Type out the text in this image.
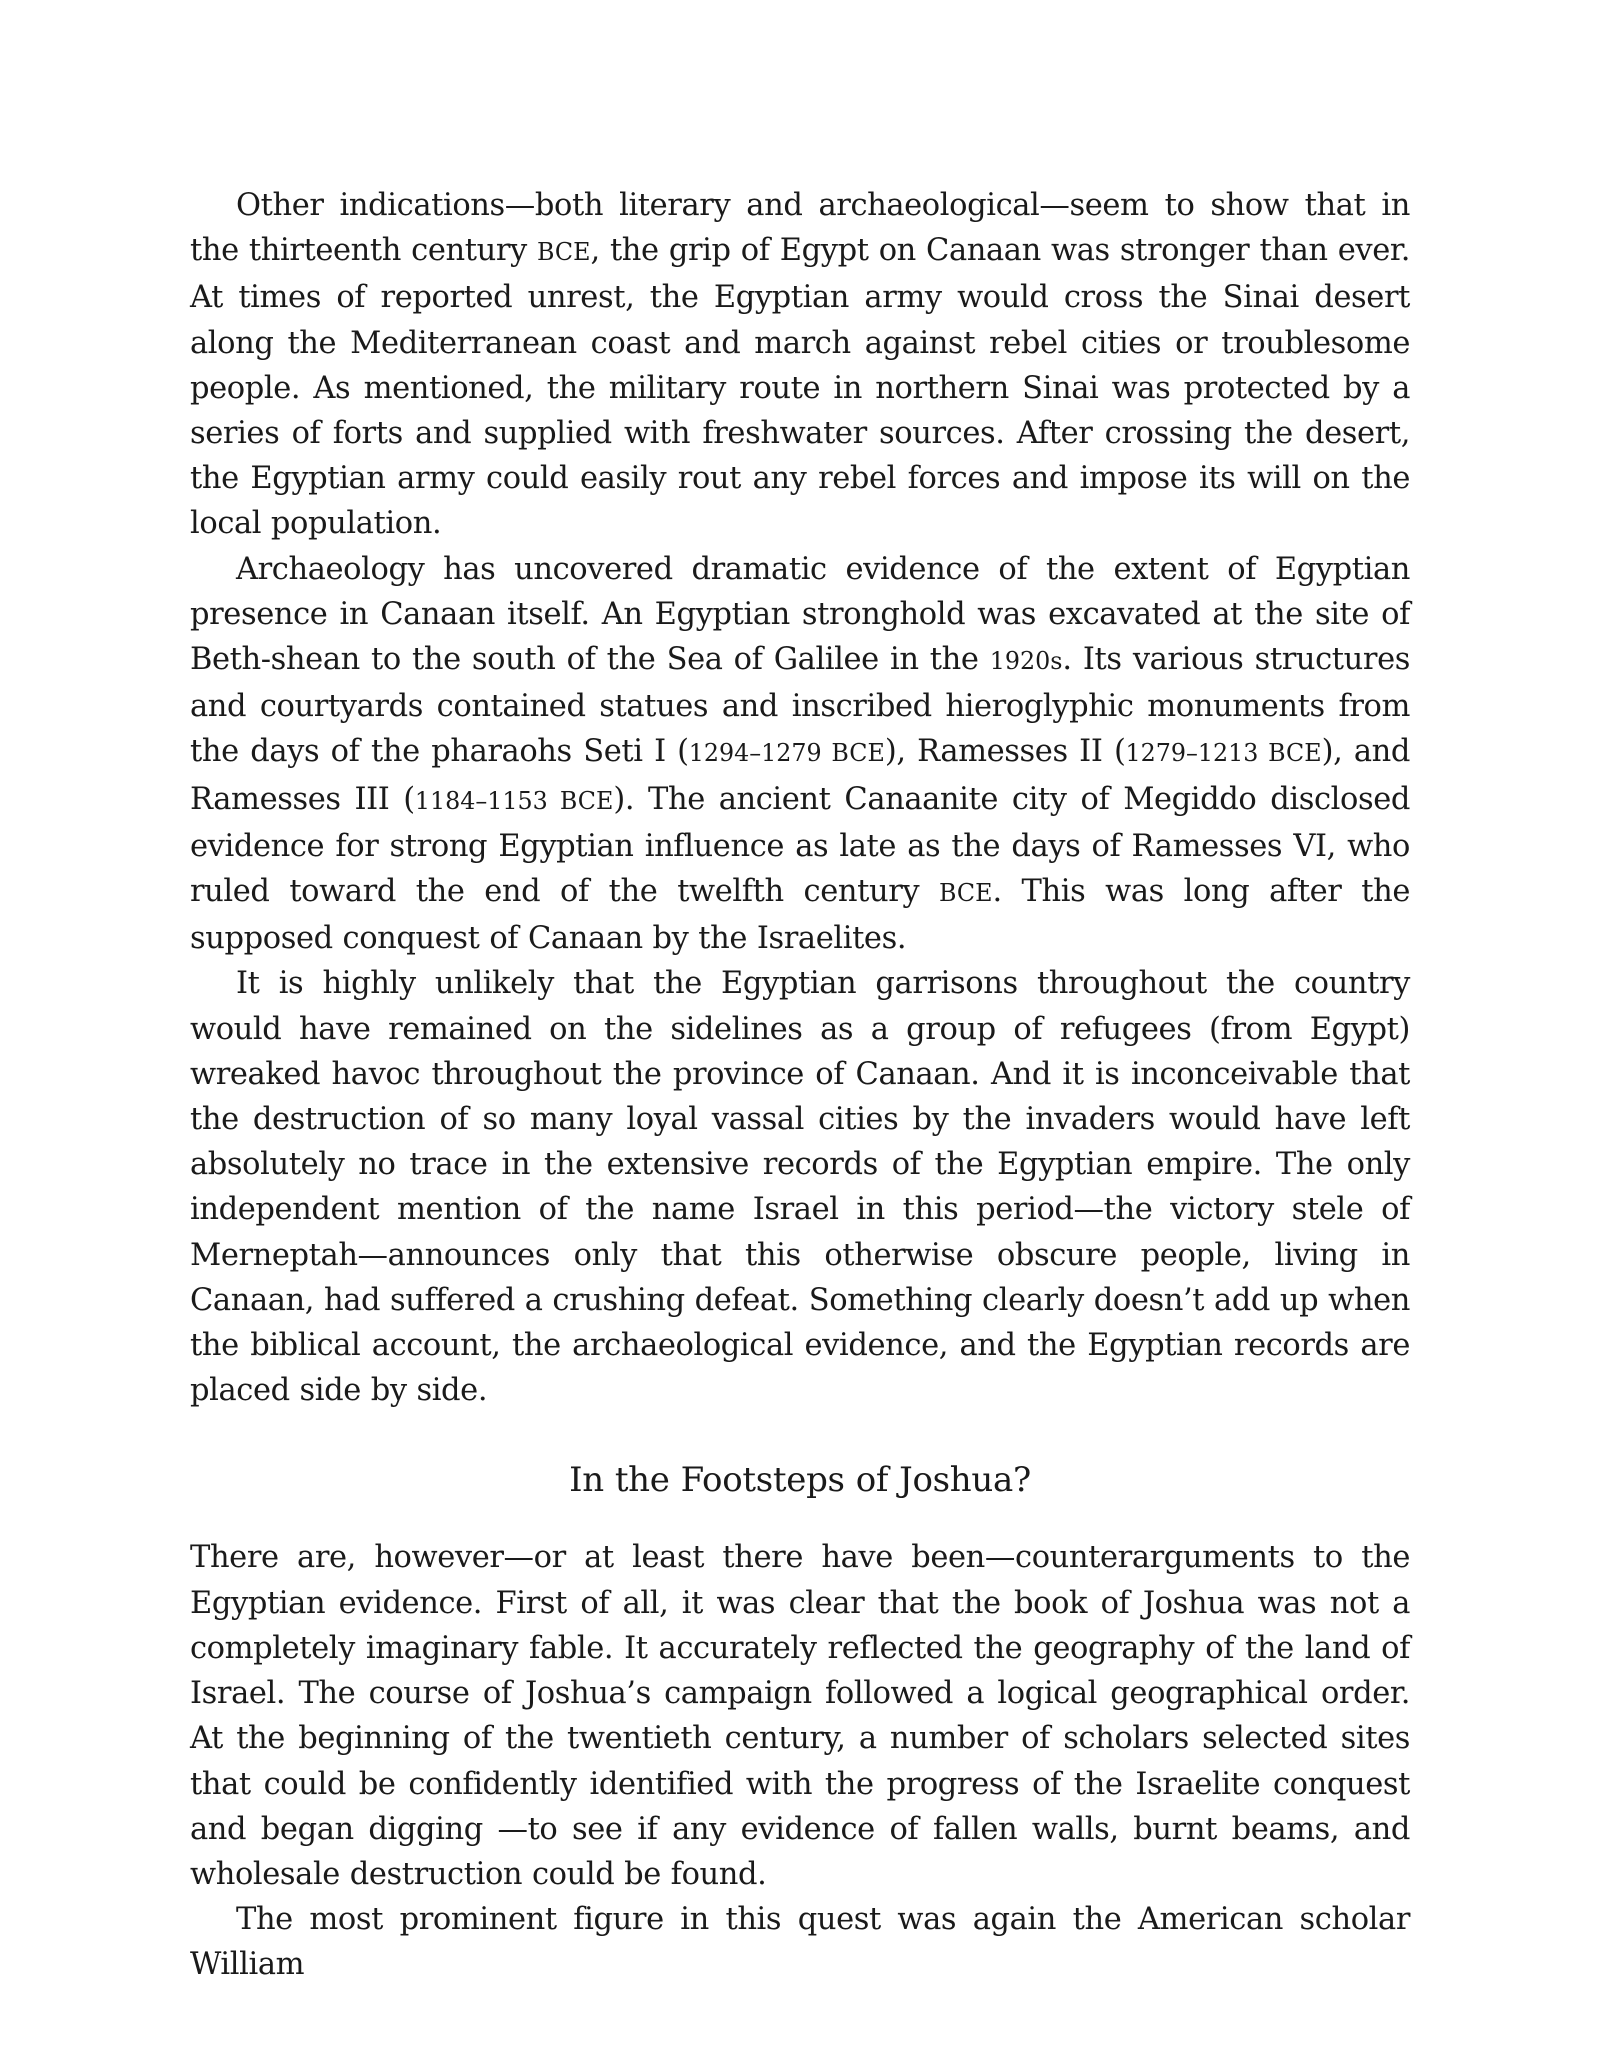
Other indications—both literary and archaeological—seem to show that in the thirteenth century BCE, the grip of Egypt on Canaan was stronger than ever. At times of reported unrest, the Egyptian army would cross the Sinai desert along the Mediterranean coast and march against rebel cities or troublesome people. As mentioned, the military route in northern Sinai was protected by a series of forts and supplied with freshwater sources. After crossing the desert, the Egyptian army could easily rout any rebel forces and impose its will on the local population.

Archaeology has uncovered dramatic evidence of the extent of Egyptian presence in Canaan itself. An Egyptian stronghold was excavated at the site of Beth-shean to the south of the Sea of Galilee in the 1920s. Its various structures and courtyards contained statues and inscribed hieroglyphic monuments from the days of the pharaohs Seti I (1294–1279 BCE), Ramesses II (1279–1213 BCE), and Ramesses III (1184–1153 BCE). The ancient Canaanite city of Megiddo disclosed evidence for strong Egyptian influence as late as the days of Ramesses VI, who ruled toward the end of the twelfth century BCE. This was long after the supposed conquest of Canaan by the Israelites.

It is highly unlikely that the Egyptian garrisons throughout the country would have remained on the sidelines as a group of refugees (from Egypt) wreaked havoc throughout the province of Canaan. And it is inconceivable that the destruction of so many loyal vassal cities by the invaders would have left absolutely no trace in the extensive records of the Egyptian empire. The only independent mention of the name Israel in this period—the victory stele of Merneptah—announces only that this otherwise obscure people, living in Canaan, had suffered a crushing defeat. Something clearly doesn’t add up when the biblical account, the archaeological evidence, and the Egyptian records are placed side by side.

In the Footsteps of Joshua?

There are, however—or at least there have been—counterarguments to the Egyptian evidence. First of all, it was clear that the book of Joshua was not a completely imaginary fable. It accurately reflected the geography of the land of Israel. The course of Joshua’s campaign followed a logical geographical order. At the beginning of the twentieth century, a number of scholars selected sites that could be confidently identified with the progress of the Israelite conquest and began digging —to see if any evidence of fallen walls, burnt beams, and wholesale destruction could be found.

The most prominent figure in this quest was again the American scholar William
